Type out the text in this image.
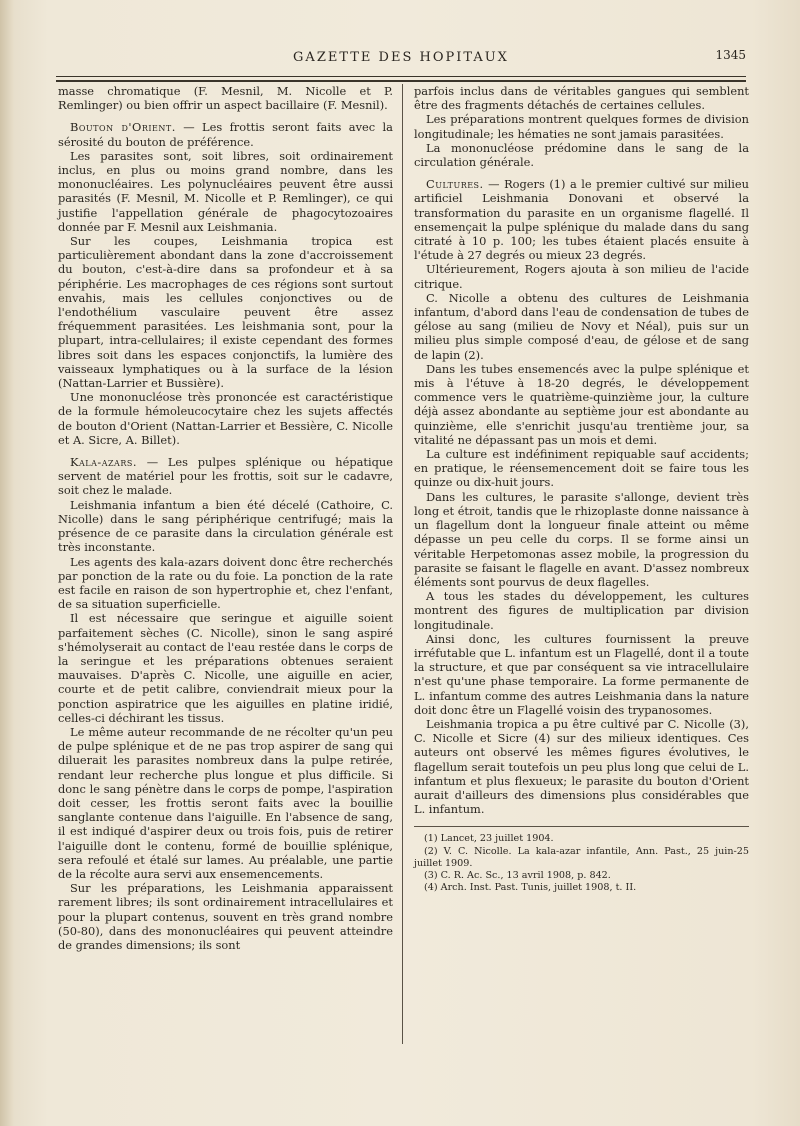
GAZETTE DES HOPITAUX	1345

masse chromatique (F. Mesnil, M. Nicolle et P. Remlinger) ou bien offrir un aspect bacillaire (F. Mesnil).

Bouton d'Orient. — Les frottis seront faits avec la sérosité du bouton de préférence.

Les parasites sont, soit libres, soit ordinairement inclus, en plus ou moins grand nombre, dans les mononucléaires. Les polynucléaires peuvent être aussi parasités (F. Mesnil, M. Nicolle et P. Remlinger), ce qui justifie l'appellation générale de phagocytozoaires donnée par F. Mesnil aux Leishmania.

Sur les coupes, Leishmania tropica est particulièrement abondant dans la zone d'accroissement du bouton, c'est-à-dire dans sa profondeur et à sa périphérie. Les macrophages de ces régions sont surtout envahis, mais les cellules conjonctives ou de l'endothélium vasculaire peuvent être assez fréquemment parasitées. Les leishmania sont, pour la plupart, intra-cellulaires; il existe cependant des formes libres soit dans les espaces conjonctifs, la lumière des vaisseaux lymphatiques ou à la surface de la lésion (Nattan-Larrier et Bussière).

Une mononucléose très prononcée est caractéristique de la formule hémoleucocytaire chez les sujets affectés de bouton d'Orient (Nattan-Larrier et Bessière, C. Nicolle et A. Sicre, A. Billet).

Kala-azars. — Les pulpes splénique ou hépatique servent de matériel pour les frottis, soit sur le cadavre, soit chez le malade.

Leishmania infantum a bien été décelé (Cathoire, C. Nicolle) dans le sang périphérique centrifugé; mais la présence de ce parasite dans la circulation générale est très inconstante.

Les agents des kala-azars doivent donc être recherchés par ponction de la rate ou du foie. La ponction de la rate est facile en raison de son hypertrophie et, chez l'enfant, de sa situation superficielle.

Il est nécessaire que seringue et aiguille soient parfaitement sèches (C. Nicolle), sinon le sang aspiré s'hémolyserait au contact de l'eau restée dans le corps de la seringue et les préparations obtenues seraient mauvaises. D'après C. Nicolle, une aiguille en acier, courte et de petit calibre, conviendrait mieux pour la ponction aspiratrice que les aiguilles en platine iridié, celles-ci déchirant les tissus.

Le même auteur recommande de ne récolter qu'un peu de pulpe splénique et de ne pas trop aspirer de sang qui diluerait les parasites nombreux dans la pulpe retirée, rendant leur recherche plus longue et plus difficile. Si donc le sang pénètre dans le corps de pompe, l'aspiration doit cesser, les frottis seront faits avec la bouillie sanglante contenue dans l'aiguille. En l'absence de sang, il est indiqué d'aspirer deux ou trois fois, puis de retirer l'aiguille dont le contenu, formé de bouillie splénique, sera refoulé et étalé sur lames. Au préalable, une partie de la récolte aura servi aux ensemencements.

Sur les préparations, les Leishmania apparaissent rarement libres; ils sont ordinairement intracellulaires et pour la plupart contenus, souvent en très grand nombre (50-80), dans des mononucléaires qui peuvent atteindre de grandes dimensions; ils sont

parfois inclus dans de véritables gangues qui semblent être des fragments détachés de certaines cellules.

Les préparations montrent quelques formes de division longitudinale; les hématies ne sont jamais parasitées.

La mononucléose prédomine dans le sang de la circulation générale.

Cultures. — Rogers (1) a le premier cultivé sur milieu artificiel Leishmania Donovani et observé la transformation du parasite en un organisme flagellé. Il ensemençait la pulpe splénique du malade dans du sang citraté à 10 p. 100; les tubes étaient placés ensuite à l'étude à 27 degrés ou mieux 23 degrés.

Ultérieurement, Rogers ajouta à son milieu de l'acide citrique.

C. Nicolle a obtenu des cultures de Leishmania infantum, d'abord dans l'eau de condensation de tubes de gélose au sang (milieu de Novy et Néal), puis sur un milieu plus simple composé d'eau, de gélose et de sang de lapin (2).

Dans les tubes ensemencés avec la pulpe splénique et mis à l'étuve à 18-20 degrés, le développement commence vers le quatrième-quinzième jour, la culture déjà assez abondante au septième jour est abondante au quinzième, elle s'enrichit jusqu'au trentième jour, sa vitalité ne dépassant pas un mois et demi.

La culture est indéfiniment repiquable sauf accidents; en pratique, le réensemencement doit se faire tous les quinze ou dix-huit jours.

Dans les cultures, le parasite s'allonge, devient très long et étroit, tandis que le rhizoplaste donne naissance à un flagellum dont la longueur finale atteint ou même dépasse un peu celle du corps. Il se forme ainsi un véritable Herpetomonas assez mobile, la progression du parasite se faisant le flagelle en avant. D'assez nombreux éléments sont pourvus de deux flagelles.

A tous les stades du développement, les cultures montrent des figures de multiplication par division longitudinale.

Ainsi donc, les cultures fournissent la preuve irréfutable que L. infantum est un Flagellé, dont il a toute la structure, et que par conséquent sa vie intracellulaire n'est qu'une phase temporaire. La forme permanente de L. infantum comme des autres Leishmania dans la nature doit donc être un Flagellé voisin des trypanosomes.

Leishmania tropica a pu être cultivé par C. Nicolle (3), C. Nicolle et Sicre (4) sur des milieux identiques. Ces auteurs ont observé les mêmes figures évolutives, le flagellum serait toutefois un peu plus long que celui de L. infantum et plus flexueux; le parasite du bouton d'Orient aurait d'ailleurs des dimensions plus considérables que L. infantum.

(1) Lancet, 23 juillet 1904.

(2) V. C. Nicolle. La kala-azar infantile, Ann. Past., 25 juin-25 juillet 1909.

(3) C. R. Ac. Sc., 13 avril 1908, p. 842.

(4) Arch. Inst. Past. Tunis, juillet 1908, t. II.
